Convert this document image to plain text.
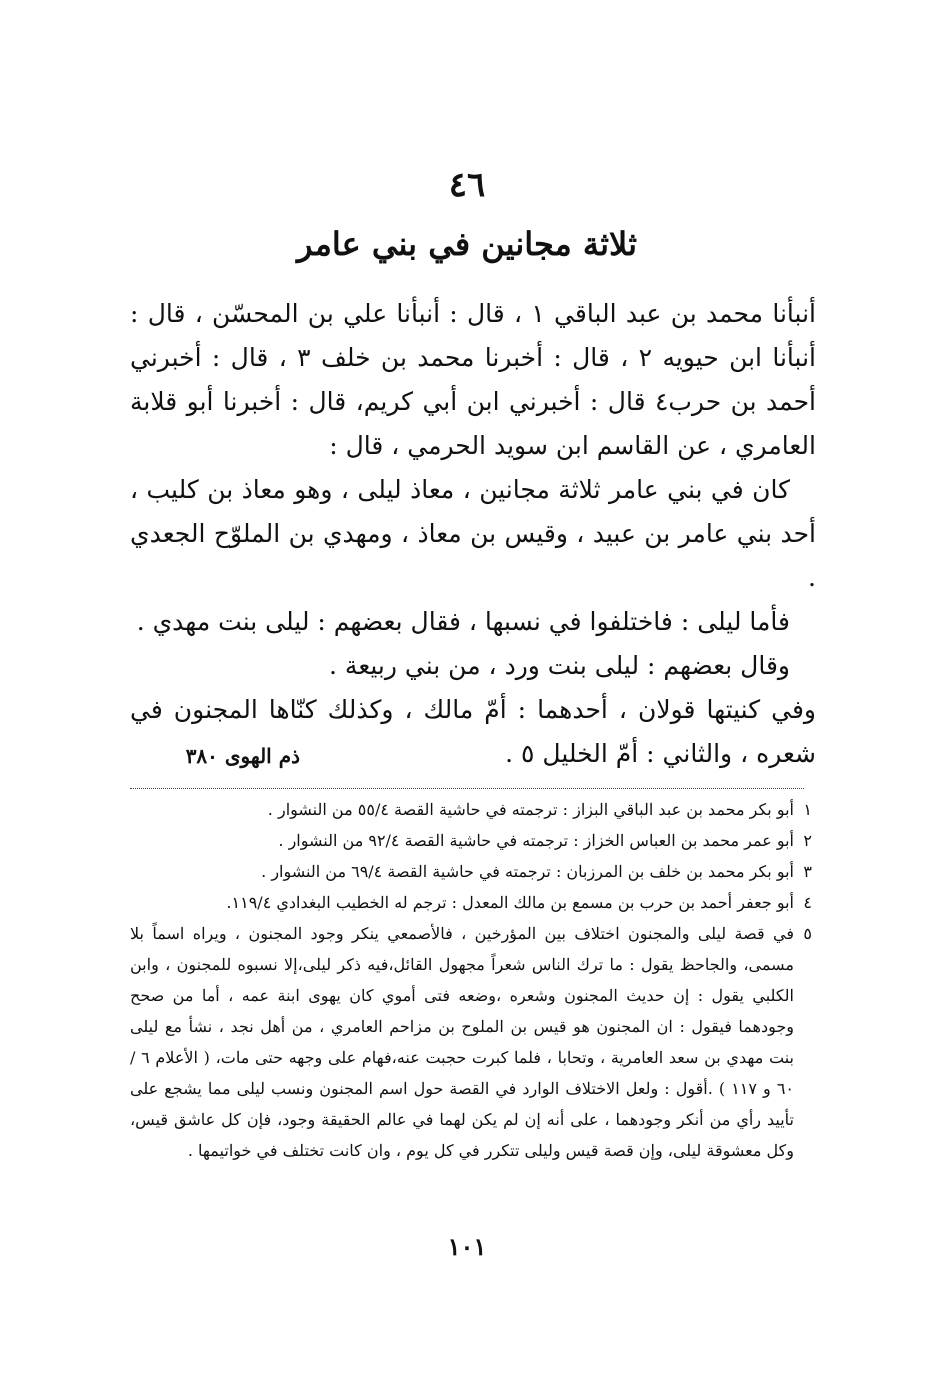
٤٦
ثلاثة مجانين في بني عامر

أنبأنا محمد بن عبد الباقي ١ ، قال : أنبأنا علي بن المحسّن ، قال : أنبأنا ابن حيويه ٢ ، قال : أخبرنا محمد بن خلف ٣ ، قال : أخبرني أحمد بن حرب٤ قال : أخبرني ابن أبي كريم، قال : أخبرنا أبو قلابة العامري ، عن القاسم ابن سويد الحرمي ، قال :

كان في بني عامر ثلاثة مجانين ، معاذ ليلى ، وهو معاذ بن كليب ، أحد بني عامر بن عبيد ، وقيس بن معاذ ، ومهدي بن الملوّح الجعدي .

فأما ليلى : فاختلفوا في نسبها ، فقال بعضهم : ليلى بنت مهدي .

وقال بعضهم : ليلى بنت ورد ، من بني ربيعة .

وفي كنيتها قولان ، أحدهما : أمّ مالك ، وكذلك كنّاها المجنون في شعره ، والثاني : أمّ الخليل ٥ .

ذم الهوى ٣٨٠
١
أبو بكر محمد بن عبد الباقي البزاز : ترجمته في حاشية القصة ٥٥/٤ من النشوار .
٢
أبو عمر محمد بن العباس الخزاز : ترجمته في حاشية القصة ٩٢/٤ من النشوار .
٣
أبو بكر محمد بن خلف بن المرزبان : ترجمته في حاشية القصة ٦٩/٤ من النشوار .
٤
أبو جعفر أحمد بن حرب بن مسمع بن مالك المعدل : ترجم له الخطيب البغدادي ١١٩/٤.
٥
في قصة ليلى والمجنون اختلاف بين المؤرخين ، فالأصمعي ينكر وجود المجنون ، ويراه اسماً بلا مسمى، والجاحظ يقول : ما ترك الناس شعراً مجهول القائل،فيه ذكر ليلى،إلا نسبوه للمجنون ، وابن الكلبي يقول : إن حديث المجنون وشعره ،وضعه فتى أموي كان يهوى ابنة عمه ، أما من صحح وجودهما فيقول : ان المجنون هو قيس بن الملوح بن مزاحم العامري ، من أهل نجد ، نشأ مع ليلى بنت مهدي بن سعد العامرية ، وتحابا ، فلما كبرت حجبت عنه،فهام على وجهه حتى مات، ( الأعلام ٦ / ٦٠ و ١١٧ ) .أقول : ولعل الاختلاف الوارد في القصة حول اسم المجنون ونسب ليلى مما يشجع على تأييد رأي من أنكر وجودهما ، على أنه إن لم يكن لهما في عالم الحقيقة وجود، فإن كل عاشق قيس، وكل معشوقة ليلى، وإن قصة قيس وليلى تتكرر في كل يوم ، وان كانت تختلف في خواتيمها .
١٠١
